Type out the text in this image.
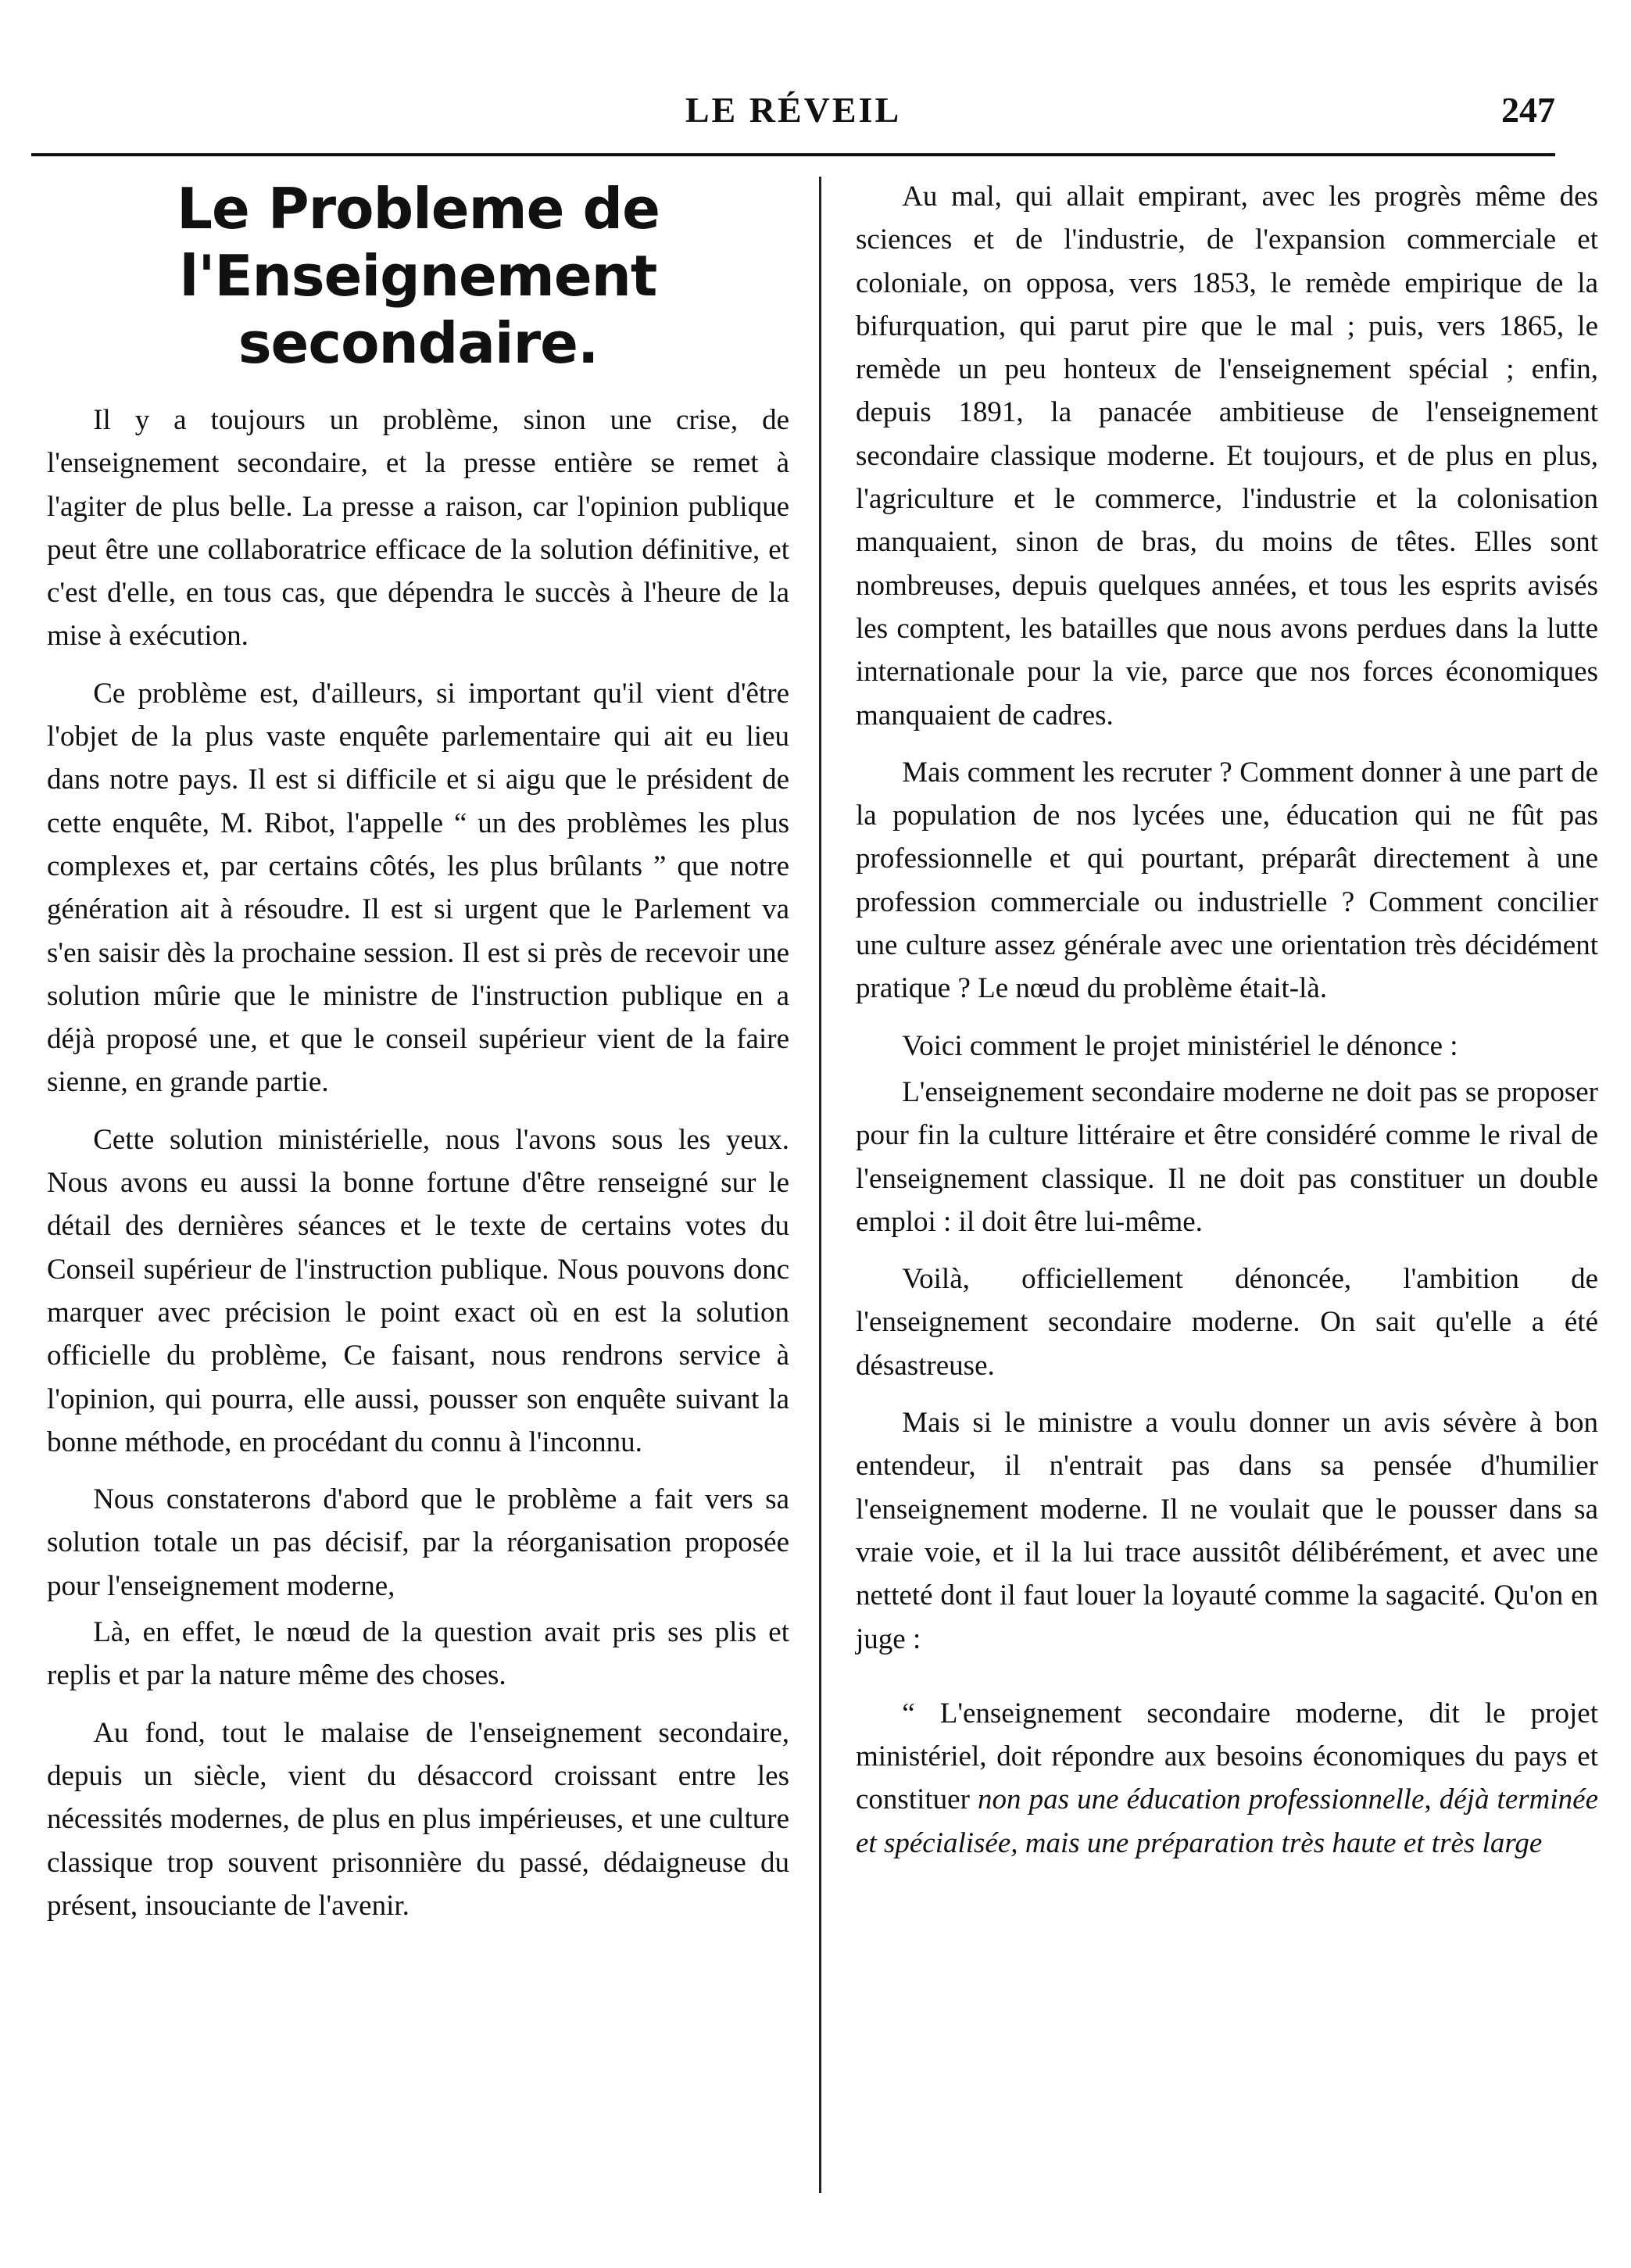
LE RÉVEIL	247
Le Probleme de l'Enseignement secondaire.

Il y a toujours un problème, sinon une crise, de l'enseignement secondaire, et la presse entière se remet à l'agiter de plus belle. La presse a raison, car l'opinion publique peut être une collaboratrice efficace de la solution définitive, et c'est d'elle, en tous cas, que dépendra le succès à l'heure de la mise à exécution.

Ce problème est, d'ailleurs, si important qu'il vient d'être l'objet de la plus vaste enquête parlementaire qui ait eu lieu dans notre pays. Il est si difficile et si aigu que le président de cette enquête, M. Ribot, l'appelle “ un des problèmes les plus complexes et, par certains côtés, les plus brûlants ” que notre génération ait à résoudre. Il est si urgent que le Parlement va s'en saisir dès la prochaine session. Il est si près de recevoir une solution mûrie que le ministre de l'instruction publique en a déjà proposé une, et que le conseil supérieur vient de la faire sienne, en grande partie.

Cette solution ministérielle, nous l'avons sous les yeux. Nous avons eu aussi la bonne fortune d'être renseigné sur le détail des dernières séances et le texte de certains votes du Conseil supérieur de l'instruction publique. Nous pouvons donc marquer avec précision le point exact où en est la solution officielle du problème, Ce faisant, nous rendrons service à l'opinion, qui pourra, elle aussi, pousser son enquête suivant la bonne méthode, en procédant du connu à l'inconnu.

Nous constaterons d'abord que le problème a fait vers sa solution totale un pas décisif, par la réorganisation proposée pour l'enseignement moderne,

Là, en effet, le nœud de la question avait pris ses plis et replis et par la nature même des choses.

Au fond, tout le malaise de l'enseignement secondaire, depuis un siècle, vient du désaccord croissant entre les nécessités modernes, de plus en plus impérieuses, et une culture classique trop souvent prisonnière du passé, dédaigneuse du présent, insouciante de l'avenir.

Au mal, qui allait empirant, avec les progrès même des sciences et de l'industrie, de l'expansion commerciale et coloniale, on opposa, vers 1853, le remède empirique de la bifurquation, qui parut pire que le mal ; puis, vers 1865, le remède un peu honteux de l'enseignement spécial ; enfin, depuis 1891, la panacée ambitieuse de l'enseignement secondaire classique moderne. Et toujours, et de plus en plus, l'agriculture et le commerce, l'industrie et la colonisation manquaient, sinon de bras, du moins de têtes. Elles sont nombreuses, depuis quelques années, et tous les esprits avisés les comptent, les batailles que nous avons perdues dans la lutte internationale pour la vie, parce que nos forces économiques manquaient de cadres.

Mais comment les recruter ? Comment donner à une part de la population de nos lycées une, éducation qui ne fût pas professionnelle et qui pourtant, préparât directement à une profession commerciale ou industrielle ? Comment concilier une culture assez générale avec une orientation très décidément pratique ? Le nœud du problème était-là.

Voici comment le projet ministériel le dénonce :

L'enseignement secondaire moderne ne doit pas se proposer pour fin la culture littéraire et être considéré comme le rival de l'enseignement classique. Il ne doit pas constituer un double emploi : il doit être lui-même.

Voilà, officiellement dénoncée, l'ambition de l'enseignement secondaire moderne. On sait qu'elle a été désastreuse.

Mais si le ministre a voulu donner un avis sévère à bon entendeur, il n'entrait pas dans sa pensée d'humilier l'enseignement moderne. Il ne voulait que le pousser dans sa vraie voie, et il la lui trace aussitôt délibérément, et avec une netteté dont il faut louer la loyauté comme la sagacité. Qu'on en juge :

“ L'enseignement secondaire moderne, dit le projet ministériel, doit répondre aux besoins économiques du pays et constituer non pas une éducation professionnelle, déjà terminée et spécialisée, mais une préparation très haute et très large
